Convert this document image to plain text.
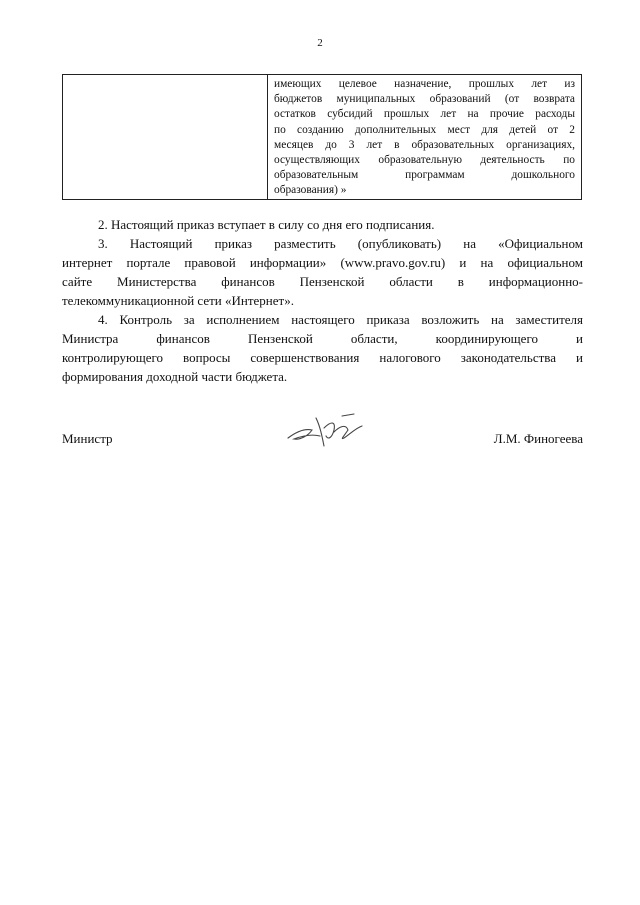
2
имеющих целевое назначение, прошлых лет из
бюджетов муниципальных образований (от возврата
остатков субсидий прошлых лет на прочие расходы
по созданию дополнительных мест для детей от 2
месяцев до 3 лет в образовательных организациях,
осуществляющих образовательную деятельность по
образовательным программам дошкольного
образования) »
2. Настоящий приказ вступает в силу со дня его подписания.
3. Настоящий приказ разместить (опубликовать) на «Официальном
интернет портале правовой информации» (www.pravo.gov.ru) и на официальном
сайте Министерства финансов Пензенской области в информационно-
телекоммуникационной сети «Интернет».
4. Контроль за исполнением настоящего приказа возложить на заместителя
Министра финансов Пензенской области, координирующего и
контролирующего вопросы совершенствования налогового законодательства и
формирования доходной части бюджета.
Министр	Л.М. Финогеева
